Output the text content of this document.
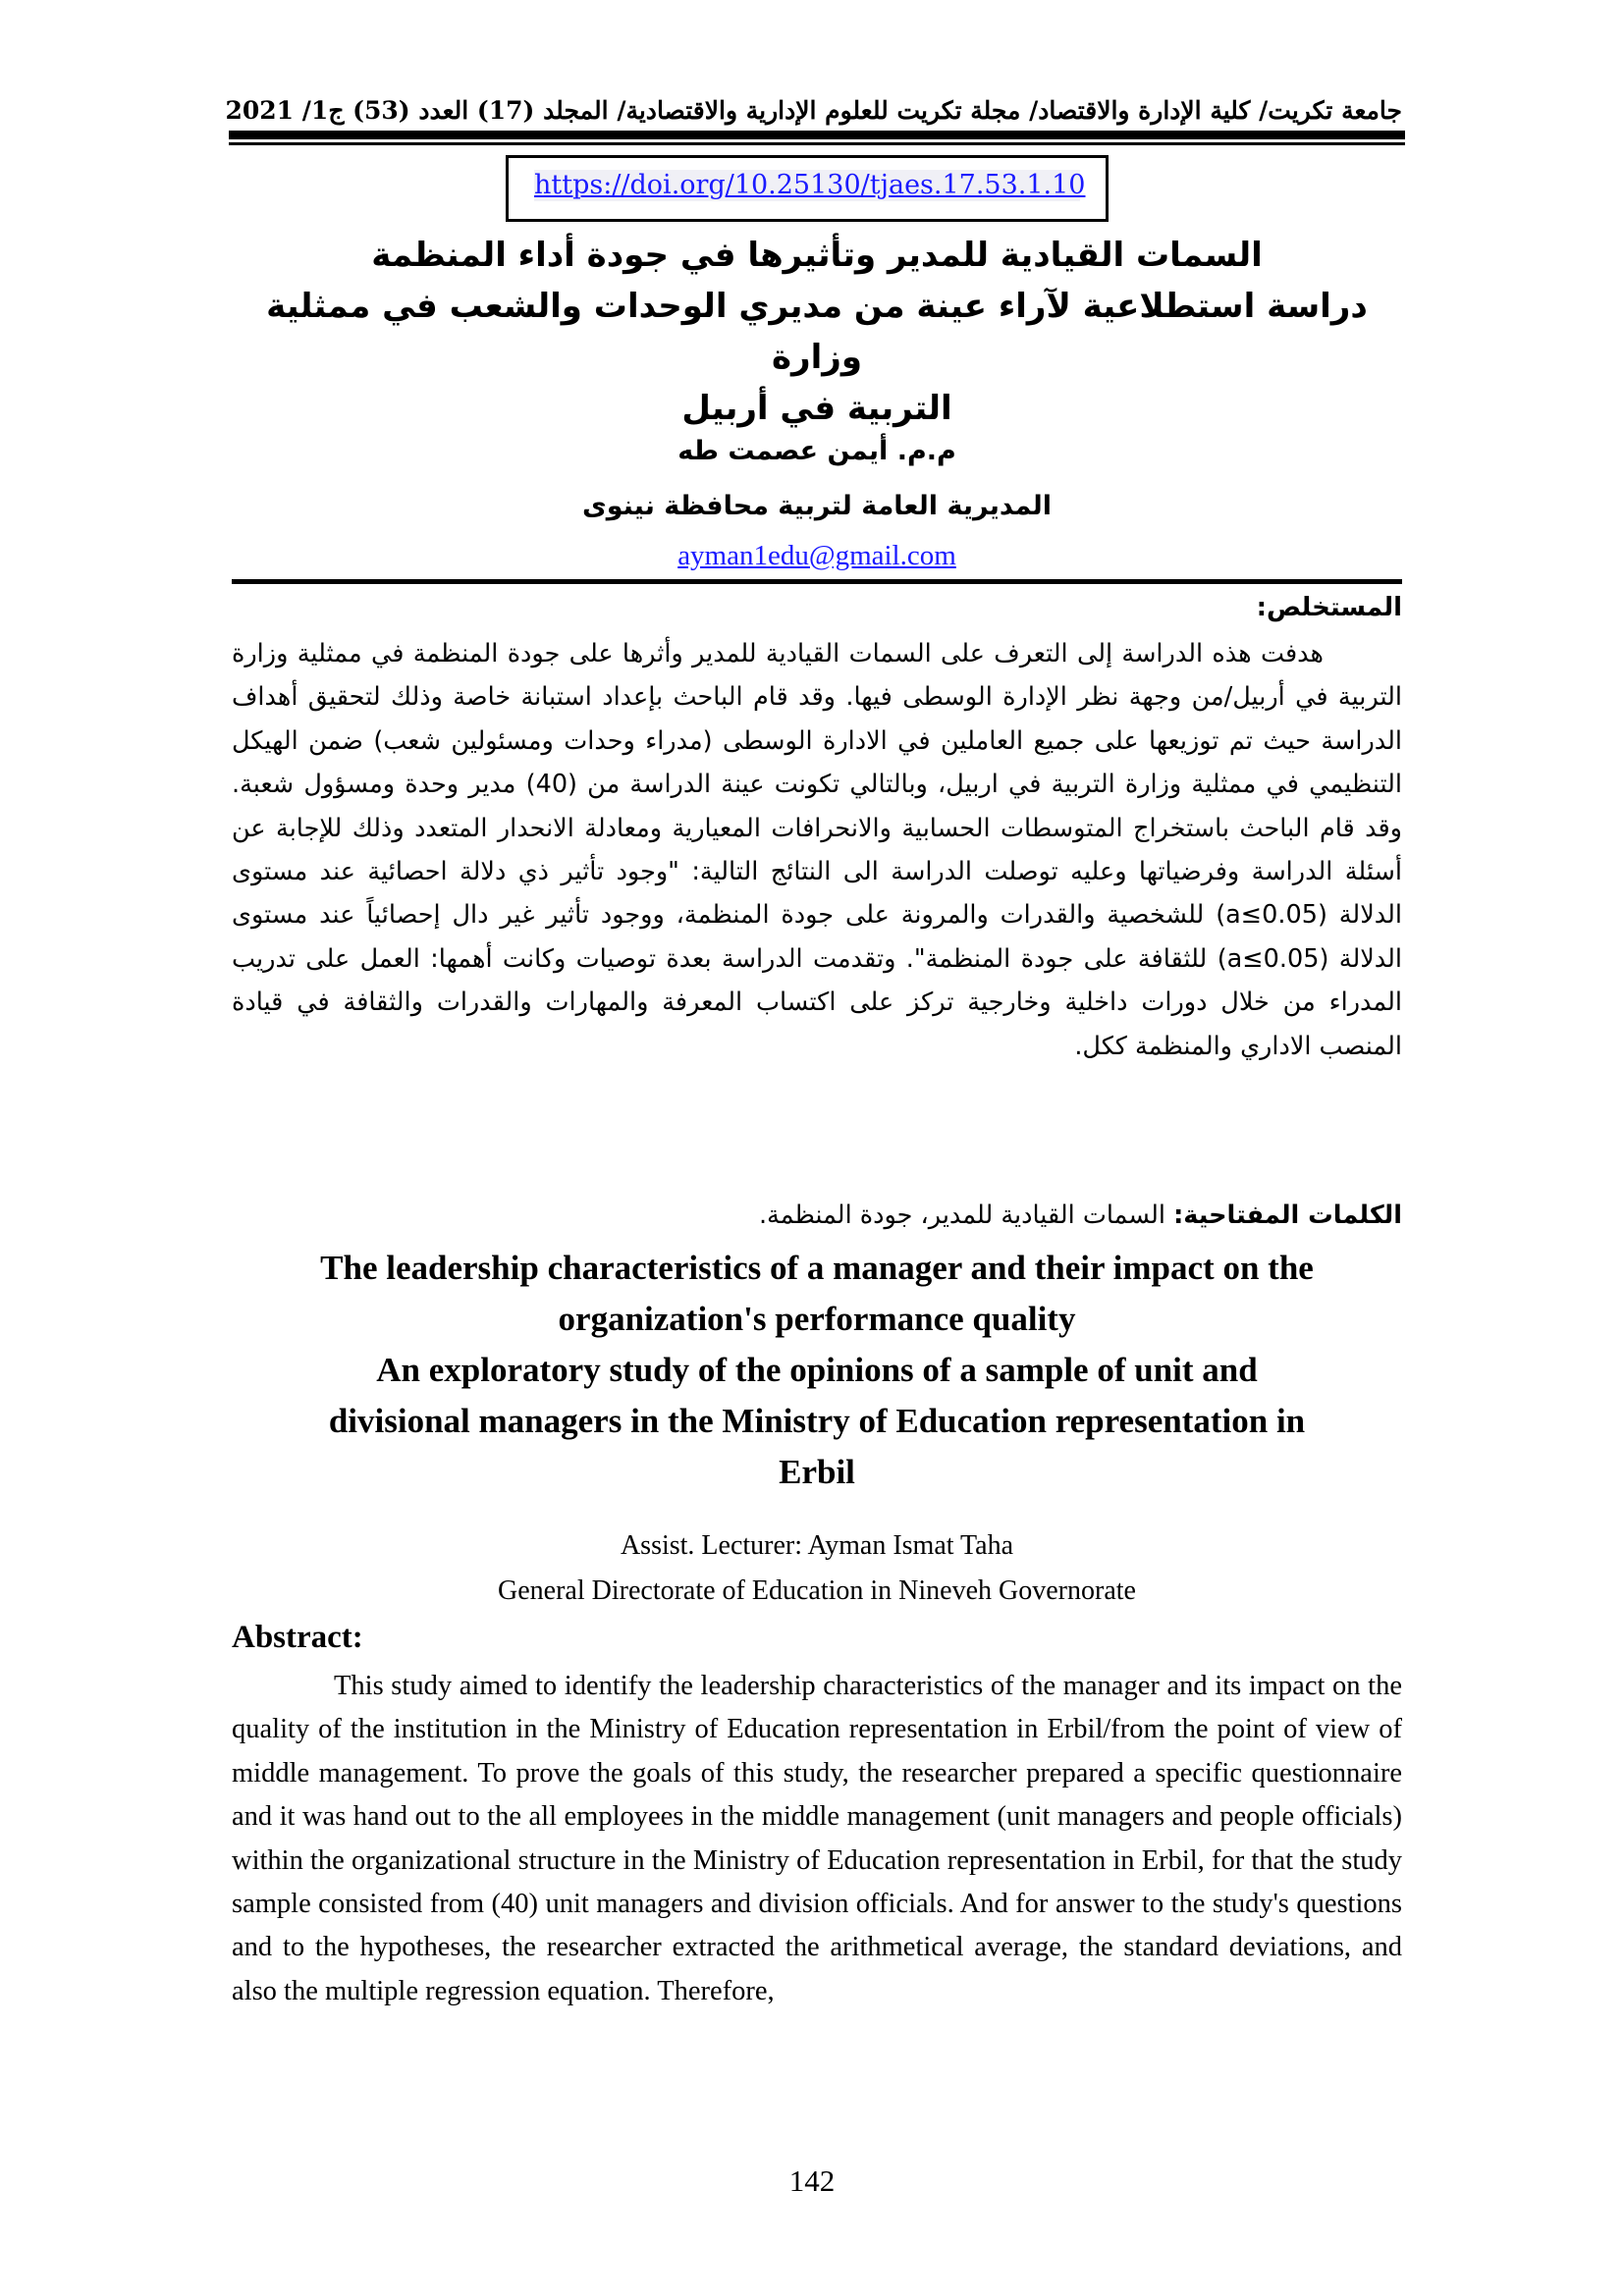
جامعة تكريت/ كلية الإدارة والاقتصاد/ مجلة تكريت للعلوم الإدارية والاقتصادية/ المجلد (17) العدد (53) ج1/ 2021
https://doi.org/10.25130/tjaes.17.53.1.10
السمات القيادية للمدير وتأثيرها في جودة أداء المنظمة
دراسة استطلاعية لآراء عينة من مديري الوحدات والشعب في ممثلية وزارة
التربية في أربيل
م.م. أيمن عصمت طه
المديرية العامة لتربية محافظة نينوى
ayman1edu@gmail.com
المستخلص:
هدفت هذه الدراسة إلى التعرف على السمات القيادية للمدير وأثرها على جودة المنظمة في ممثلية وزارة التربية في أربيل/من وجهة نظر الإدارة الوسطى فيها. وقد قام الباحث بإعداد استبانة خاصة وذلك لتحقيق أهداف الدراسة حيث تم توزيعها على جميع العاملين في الادارة الوسطى (مدراء وحدات ومسئولين شعب) ضمن الهيكل التنظيمي في ممثلية وزارة التربية في اربيل، وبالتالي تكونت عينة الدراسة من (40) مدير وحدة ومسؤول شعبة. وقد قام الباحث باستخراج المتوسطات الحسابية والانحرافات المعيارية ومعادلة الانحدار المتعدد وذلك للإجابة عن أسئلة الدراسة وفرضياتها وعليه توصلت الدراسة الى النتائج التالية: "وجود تأثير ذي دلالة احصائية عند مستوى الدلالة (0.05≥a) للشخصية والقدرات والمرونة على جودة المنظمة، ووجود تأثير غير دال إحصائياً عند مستوى الدلالة (0.05≥a) للثقافة على جودة المنظمة". وتقدمت الدراسة بعدة توصيات وكانت أهمها: العمل على تدريب المدراء من خلال دورات داخلية وخارجية تركز على اكتساب المعرفة والمهارات والقدرات والثقافة في قيادة المنصب الاداري والمنظمة ككل.
الكلمات المفتاحية: السمات القيادية للمدير، جودة المنظمة.
The leadership characteristics of a manager and their impact on the
organization's performance quality
An exploratory study of the opinions of a sample of unit and
divisional managers in the Ministry of Education representation in
Erbil
Assist. Lecturer: Ayman Ismat Taha
General Directorate of Education in Nineveh Governorate
Abstract:
This study aimed to identify the leadership characteristics of the manager and its impact on the quality of the institution in the Ministry of Education representation in Erbil/from the point of view of middle management. To prove the goals of this study, the researcher prepared a specific questionnaire and it was hand out to the all employees in the middle management (unit managers and people officials) within the organizational structure in the Ministry of Education representation in Erbil, for that the study sample consisted from (40) unit managers and division officials. And for answer to the study's questions and to the hypotheses, the researcher extracted the arithmetical average, the standard deviations, and also the multiple regression equation. Therefore,
142
